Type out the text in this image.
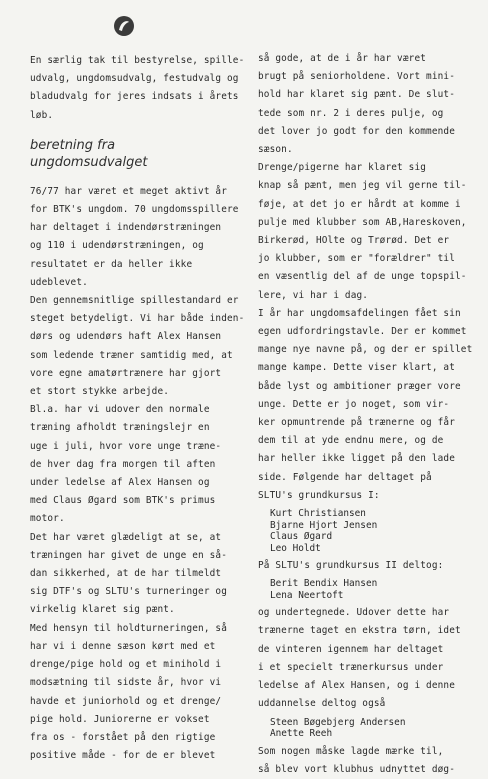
En særlig tak til bestyrelse, spille-
udvalg, ungdomsudvalg, festudvalg og
bladudvalg for jeres indsats i årets
løb.
beretning fra
ungdomsudvalget
76/77 har været et meget aktivt år
for BTK's ungdom. 70 ungdomsspillere
har deltaget i indendørstræningen
og 110 i udendørstræningen, og
resultatet er da heller ikke
udeblevet.
Den gennemsnitlige spillestandard er
steget betydeligt. Vi har både inden-
dørs og udendørs haft Alex Hansen
som ledende træner samtidig med, at
vore egne amatørtrænere har gjort
et stort stykke arbejde.
Bl.a. har vi udover den normale
træning afholdt træningslejr en
uge i juli, hvor vore unge træne-
de hver dag fra morgen til aften
under ledelse af Alex Hansen og
med Claus Øgard som BTK's primus
motor.
Det har været glædeligt at se, at
træningen har givet de unge en så-
dan sikkerhed, at de har tilmeldt
sig DTF's og SLTU's turneringer og
virkelig klaret sig pænt.
Med hensyn til holdturneringen, så
har vi i denne sæson kørt med et
drenge/pige hold og et minihold i
modsætning til sidste år, hvor vi
havde et juniorhold og et drenge/
pige hold. Juniorerne er vokset
fra os - forstået på den rigtige
positive måde - for de er blevet
så gode, at de i år har været
brugt på seniorholdene. Vort mini-
hold har klaret sig pænt. De slut-
tede som nr. 2 i deres pulje, og
det lover jo godt for den kommende
sæson.
Drenge/pigerne har klaret sig
knap så pænt, men jeg vil gerne til-
føje, at det jo er hårdt at komme i
pulje med klubber som AB,Hareskoven,
Birkerød, HOlte og Trørød. Det er
jo klubber, som er "forældrer" til
en væsentlig del af de unge topspil-
lere, vi har i dag.
I år har ungdomsafdelingen fået sin
egen udfordringstavle. Der er kommet
mange nye navne på, og der er spillet
mange kampe. Dette viser klart, at
både lyst og ambitioner præger vore
unge. Dette er jo noget, som vir-
ker opmuntrende på trænerne og får
dem til at yde endnu mere, og de
har heller ikke ligget på den lade
side. Følgende har deltaget på
SLTU's grundkursus I:
Kurt Christiansen
Bjarne Hjort Jensen
Claus Øgard
Leo Holdt
På SLTU's grundkursus II deltog:
Berit Bendix Hansen
Lena Neertoft
og undertegnede. Udover dette har
trænerne taget en ekstra tørn, idet
de vinteren igennem har deltaget
i et specielt trænerkursus under
ledelse af Alex Hansen, og i denne
uddannelse deltog også
Steen Bøgebjerg Andersen
Anette Reeh
Som nogen måske lagde mærke til,
så blev vort klubhus udnyttet døg-
